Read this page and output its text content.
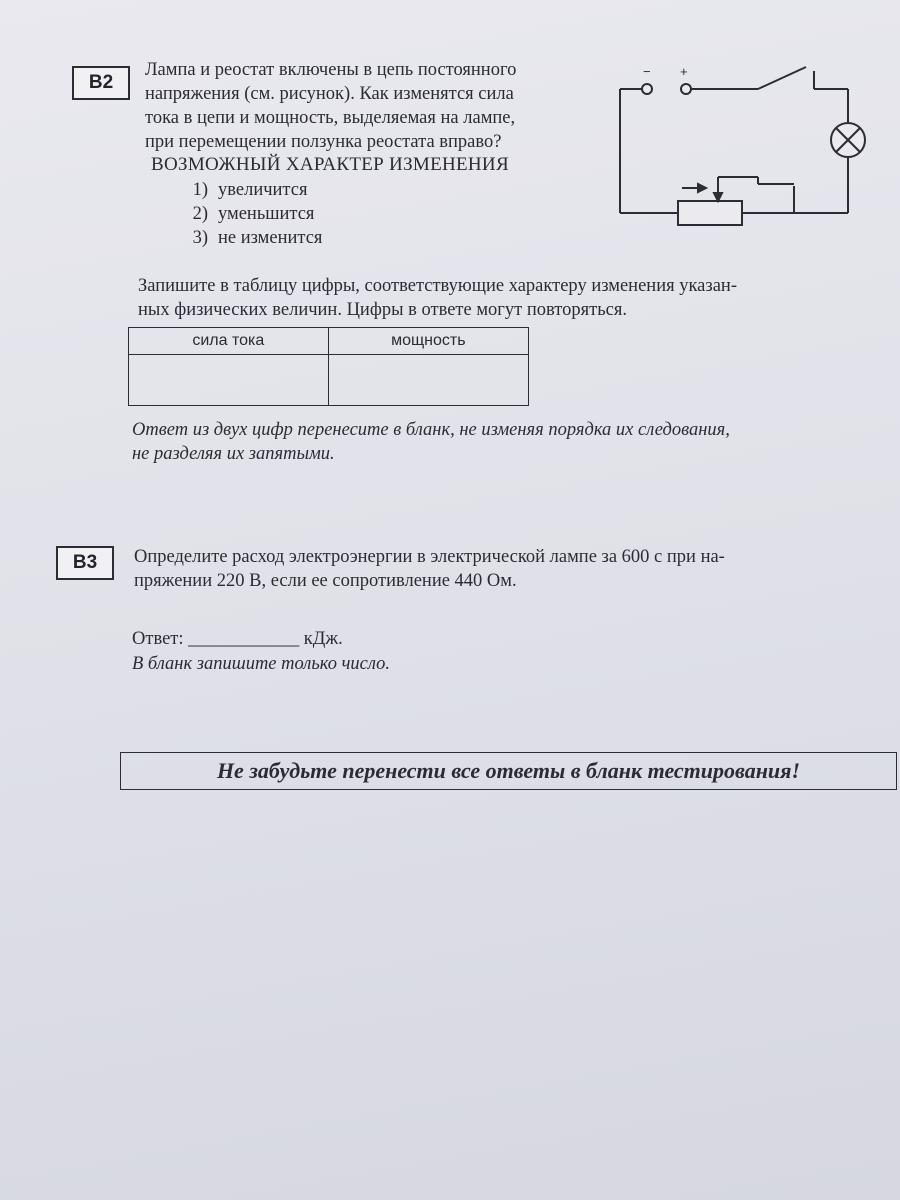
B2
Лампа и реостат включены в цепь постоянного
напряжения (см. рисунок). Как изменятся сила
тока в цепи и мощность, выделяемая на лампе,
при перемещении ползунка реостата вправо?
ВОЗМОЖНЫЙ ХАРАКТЕР ИЗМЕНЕНИЯ
1) увеличится
2) уменьшится
3) не изменится
− +
Запишите в таблицу цифры, соответствующие характеру изменения указан-
ных физических величин. Цифры в ответе могут повторяться.
сила тока	мощность

Ответ из двух цифр перенесите в бланк, не изменяя порядка их следования,
не разделяя их запятыми.
B3	Определите расход электроэнергии в электрической лампе за 600 с при на-
пряжении 220 В, если ее сопротивление 440 Ом.
Ответ: ____________ кДж.
В бланк запишите только число.
Не забудьте перенести все ответы в бланк тестирования!
